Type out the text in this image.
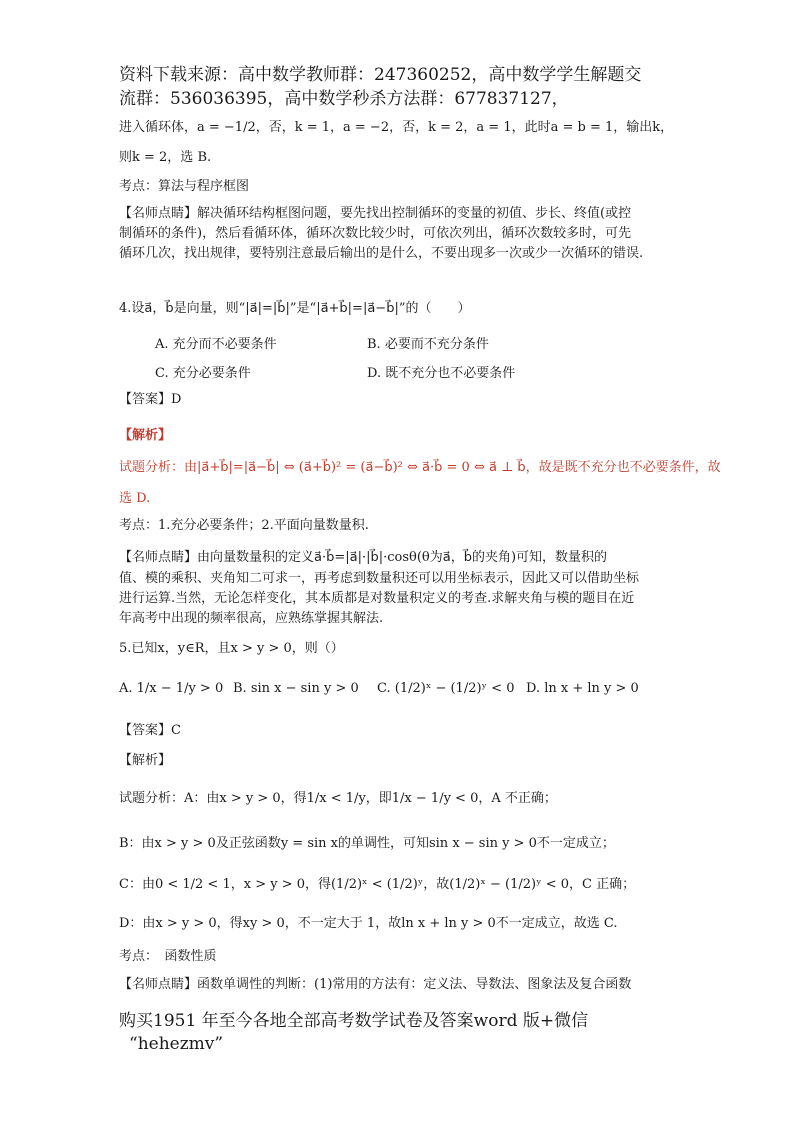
资料下载来源：高中数学教师群：247360252，高中数学学生解题交
流群：536036395，高中数学秒杀方法群：677837127，
进入循环体，a = −1/2，否，k = 1，a = −2，否，k = 2，a = 1，此时a = b = 1，输出k，
则k = 2，选 B.
考点：算法与程序框图
【名师点睛】解决循环结构框图问题，要先找出控制循环的变量的初值、步长、终值(或控
制循环的条件)，然后看循环体，循环次数比较少时，可依次列出，循环次数较多时，可先
循环几次，找出规律，要特别注意最后输出的是什么，不要出现多一次或少一次循环的错误.
4.设a⃗，b⃗是向量，则“|a⃗|=|b⃗|”是“|a⃗+b⃗|=|a⃗−b⃗|”的（　　）
A. 充分而不必要条件	B. 必要而不充分条件
C. 充分必要条件	D. 既不充分也不必要条件
【答案】D
【解析】
试题分析：由|a⃗+b⃗|=|a⃗−b⃗| ⇔ (a⃗+b⃗)² = (a⃗−b⃗)² ⇔ a⃗·b⃗ = 0 ⇔ a⃗ ⊥ b⃗，故是既不充分也不必要条件，故
选 D.
考点：1.充分必要条件；2.平面向量数量积.
【名师点睛】由向量数量积的定义a⃗·b⃗=|a⃗|·|b⃗|·cosθ(θ为a⃗，b⃗的夹角)可知，数量积的
值、模的乘积、夹角知二可求一，再考虑到数量积还可以用坐标表示，因此又可以借助坐标
进行运算.当然，无论怎样变化，其本质都是对数量积定义的考查.求解夹角与模的题目在近
年高考中出现的频率很高，应熟练掌握其解法.
5.已知x，y∈R，且x > y > 0，则（）
A. 1/x − 1/y > 0 B. sin x − sin y > 0 C. (1/2)ˣ − (1/2)ʸ < 0 D. ln x + ln y > 0
【答案】C
【解析】
试题分析：A：由x > y > 0，得1/x < 1/y，即1/x − 1/y < 0，A 不正确；
B：由x > y > 0及正弦函数y = sin x的单调性，可知sin x − sin y > 0不一定成立；
C：由0 < 1/2 < 1，x > y > 0，得(1/2)ˣ < (1/2)ʸ，故(1/2)ˣ − (1/2)ʸ < 0，C 正确；
D：由x > y > 0，得xy > 0，不一定大于 1，故ln x + ln y > 0不一定成立，故选 C.
考点：　函数性质
【名师点睛】函数单调性的判断：(1)常用的方法有：定义法、导数法、图象法及复合函数
购买1951 年至今各地全部高考数学试卷及答案word 版+微信
“hehezmv”
